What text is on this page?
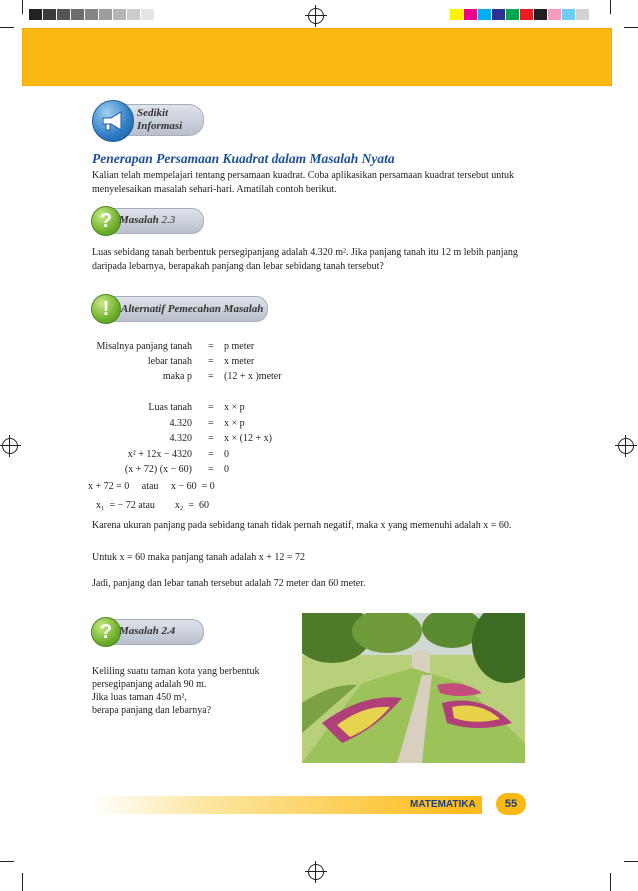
Sedikit
Informasi
Penerapan Persamaan Kuadrat dalam Masalah Nyata
Kalian telah mempelajari tentang persamaan kuadrat. Coba aplikasikan persamaan kuadrat tersebut untuk menyelesaikan masalah sehari-hari. Amatilah contoh berikut.
? Masalah 2.3
Luas sebidang tanah berbentuk persegipanjang adalah 4.320 m². Jika panjang tanah itu 12 m lebih panjang daripada lebarnya, berapakah panjang dan lebar sebidang tanah tersebut?
!	Alternatif Pemecahan Masalah
Misalnya panjang tanah = p meter
lebar tanah = x meter
maka p = (12 + x )meter
Luas tanah = x × p
4.320 = x × p
4.320 = x × (12 + x)
x² + 12x − 4320 = 0
(x + 72) (x − 60) = 0
x + 72 = 0     atau     x − 60  = 0
x₁  = − 72 atau        x₂  =  60
Karena ukuran panjang pada sebidang tanah tidak pernah negatif, maka x yang memenuhi adalah x = 60.
Untuk x = 60 maka panjang tanah adalah x + 12 = 72
Jadi, panjang dan lebar tanah tersebut adalah 72 meter dan 60 meter.
? Masalah 2.4
Keliling suatu taman kota yang berbentuk
persegipanjang adalah 90 m.
Jika luas taman 450 m²,
berapa panjang dan lebarnya?
MATEMATIKA	55
